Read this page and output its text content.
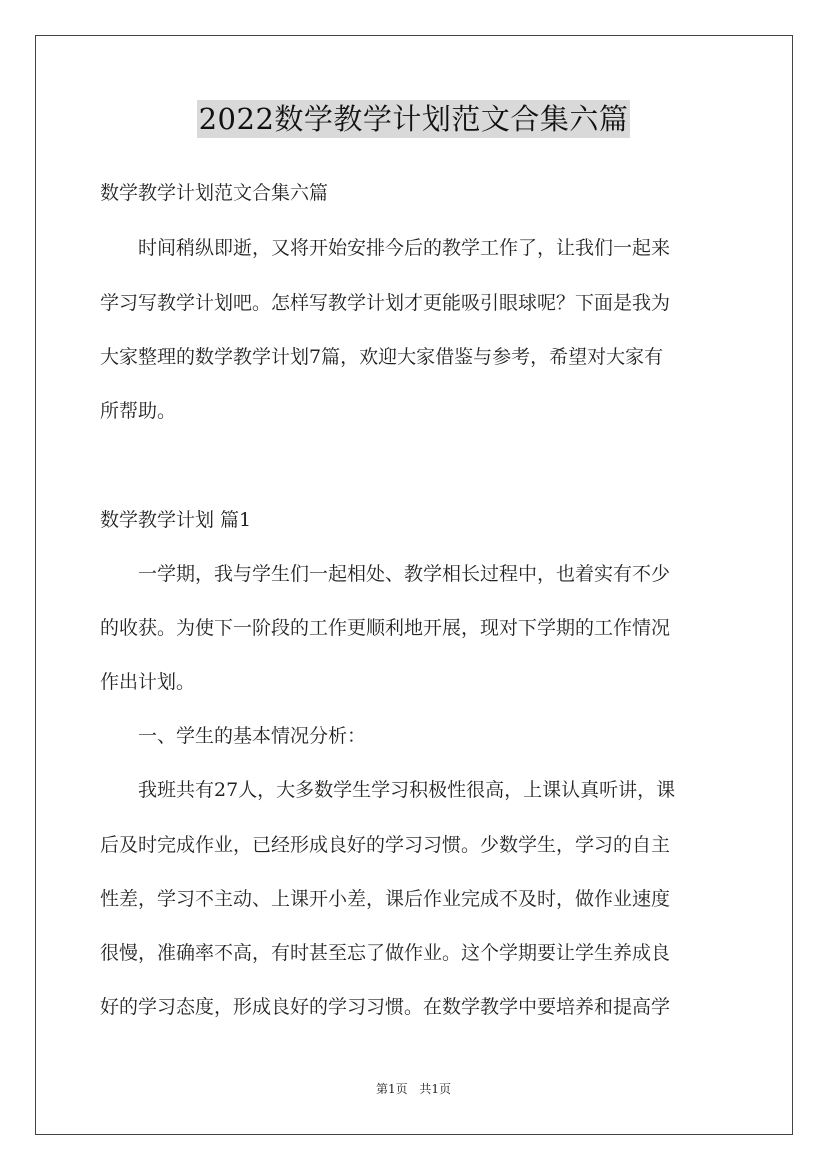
2022数学教学计划范文合集六篇
数学教学计划范文合集六篇
时间稍纵即逝，又将开始安排今后的教学工作了，让我们一起来
学习写教学计划吧。怎样写教学计划才更能吸引眼球呢？下面是我为
大家整理的数学教学计划7篇，欢迎大家借鉴与参考，希望对大家有
所帮助。
数学教学计划 篇1
一学期，我与学生们一起相处、教学相长过程中，也着实有不少
的收获。为使下一阶段的工作更顺利地开展，现对下学期的工作情况
作出计划。
一、学生的基本情况分析：
我班共有27人，大多数学生学习积极性很高，上课认真听讲，课
后及时完成作业，已经形成良好的学习习惯。少数学生，学习的自主
性差，学习不主动、上课开小差，课后作业完成不及时，做作业速度
很慢，准确率不高，有时甚至忘了做作业。这个学期要让学生养成良
好的学习态度，形成良好的学习习惯。在数学教学中要培养和提高学
第1页 共1页
